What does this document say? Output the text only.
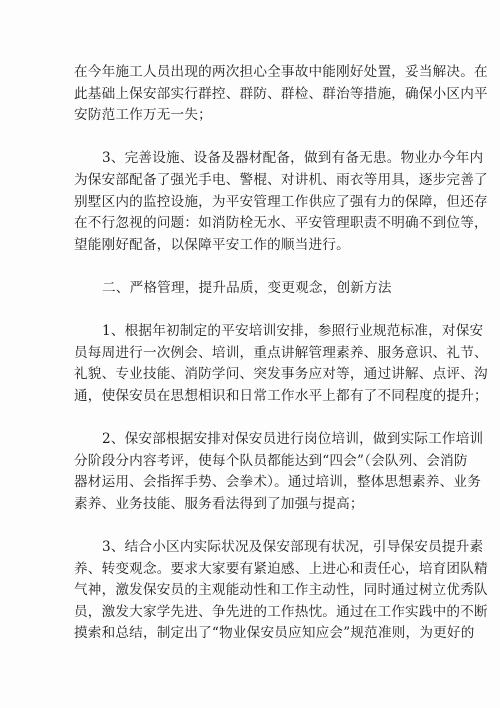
在今年施工人员出现的两次担心全事故中能刚好处置，妥当解决。在
此基础上保安部实行群控、群防、群检、群治等措施，确保小区内平
安防范工作万无一失；
3、完善设施、设备及器材配备，做到有备无患。物业办今年内
为保安部配备了强光手电、警棍、对讲机、雨衣等用具，逐步完善了
别墅区内的监控设施，为平安管理工作供应了强有力的保障，但还存
在不行忽视的问题：如消防栓无水、平安管理职责不明确不到位等，
望能刚好配备，以保障平安工作的顺当进行。
二、严格管理，提升品质，变更观念，创新方法
1、根据年初制定的平安培训安排，参照行业规范标准，对保安
员每周进行一次例会、培训，重点讲解管理素养、服务意识、礼节、
礼貌、专业技能、消防学问、突发事务应对等，通过讲解、点评、沟
通，使保安员在思想相识和日常工作水平上都有了不同程度的提升；
2、保安部根据安排对保安员进行岗位培训，做到实际工作培训
分阶段分内容考评，使每个队员都能达到“四会”（会队列、会消防
器材运用、会指挥手势、会拳术）。通过培训，整体思想素养、业务
素养、业务技能、服务看法得到了加强与提高；
3、结合小区内实际状况及保安部现有状况，引导保安员提升素
养、转变观念。要求大家要有紧迫感、上进心和责任心，培育团队精
气神，激发保安员的主观能动性和工作主动性，同时通过树立优秀队
员，激发大家学先进、争先进的工作热忱。通过在工作实践中的不断
摸索和总结，制定出了“物业保安员应知应会”规范准则，为更好的
